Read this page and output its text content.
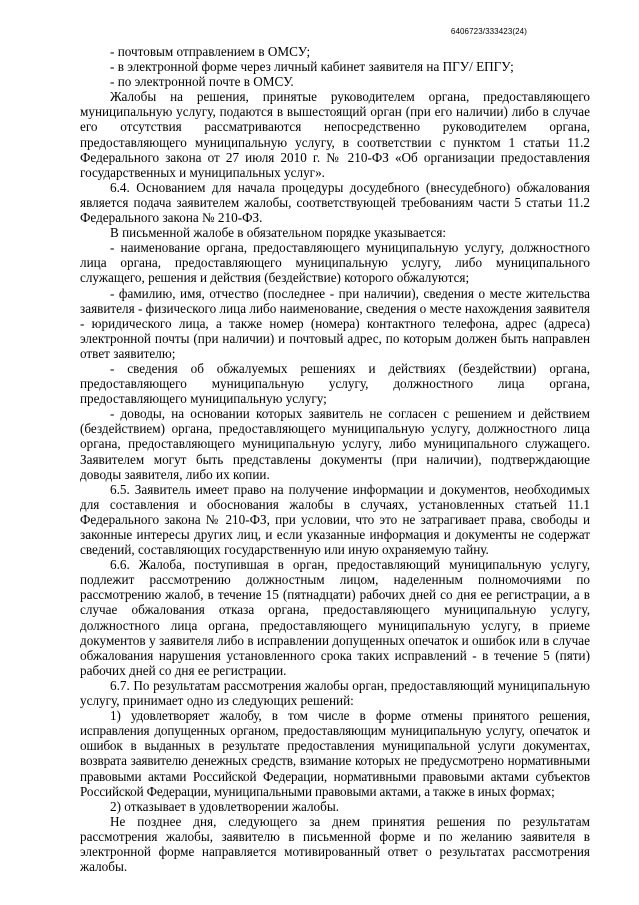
6406723/333423(24)

- почтовым отправлением в ОМСУ;

- в электронной форме через личный кабинет заявителя на ПГУ/ ЕПГУ;

- по электронной почте в ОМСУ.

Жалобы на решения, принятые руководителем органа, предоставляющего муниципальную услугу, подаются в вышестоящий орган (при его наличии) либо в случае его отсутствия рассматриваются непосредственно руководителем органа, предоставляющего муниципальную услугу, в соответствии с пунктом 1 статьи 11.2 Федерального закона от 27 июля 2010 г. № 210-ФЗ «Об организации предоставления государственных и муниципальных услуг».

6.4. Основанием для начала процедуры досудебного (внесудебного) обжалования является подача заявителем жалобы, соответствующей требованиям части 5 статьи 11.2 Федерального закона № 210-ФЗ.

В письменной жалобе в обязательном порядке указывается:

- наименование органа, предоставляющего муниципальную услугу, должностного лица органа, предоставляющего муниципальную услугу, либо муниципального служащего, решения и действия (бездействие) которого обжалуются;

- фамилию, имя, отчество (последнее - при наличии), сведения о месте жительства заявителя - физического лица либо наименование, сведения о месте нахождения заявителя - юридического лица, а также номер (номера) контактного телефона, адрес (адреса) электронной почты (при наличии) и почтовый адрес, по которым должен быть направлен ответ заявителю;

- сведения об обжалуемых решениях и действиях (бездействии) органа, предоставляющего муниципальную услугу, должностного лица органа, предоставляющего муниципальную услугу;

- доводы, на основании которых заявитель не согласен с решением и действием (бездействием) органа, предоставляющего муниципальную услугу, должностного лица органа, предоставляющего муниципальную услугу, либо муниципального служащего. Заявителем могут быть представлены документы (при наличии), подтверждающие доводы заявителя, либо их копии.

6.5. Заявитель имеет право на получение информации и документов, необходимых для составления и обоснования жалобы в случаях, установленных статьей 11.1 Федерального закона № 210-ФЗ, при условии, что это не затрагивает права, свободы и законные интересы других лиц, и если указанные информация и документы не содержат сведений, составляющих государственную или иную охраняемую тайну.

6.6. Жалоба, поступившая в орган, предоставляющий муниципальную услугу, подлежит рассмотрению должностным лицом, наделенным полномочиями по рассмотрению жалоб, в течение 15 (пятнадцати) рабочих дней со дня ее регистрации, а в случае обжалования отказа органа, предоставляющего муниципальную услугу, должностного лица органа, предоставляющего муниципальную услугу, в приеме документов у заявителя либо в исправлении допущенных опечаток и ошибок или в случае обжалования нарушения установленного срока таких исправлений - в течение 5 (пяти) рабочих дней со дня ее регистрации.

6.7. По результатам рассмотрения жалобы орган, предоставляющий муниципальную услугу, принимает одно из следующих решений:

1) удовлетворяет жалобу, в том числе в форме отмены принятого решения, исправления допущенных органом, предоставляющим муниципальную услугу, опечаток и ошибок в выданных в результате предоставления муниципальной услуги документах, возврата заявителю денежных средств, взимание которых не предусмотрено нормативными правовыми актами Российской Федерации, нормативными правовыми актами субъектов Российской Федерации, муниципальными правовыми актами, а также в иных формах;

2) отказывает в удовлетворении жалобы.

Не позднее дня, следующего за днем принятия решения по результатам рассмотрения жалобы, заявителю в письменной форме и по желанию заявителя в электронной форме направляется мотивированный ответ о результатах рассмотрения жалобы.
